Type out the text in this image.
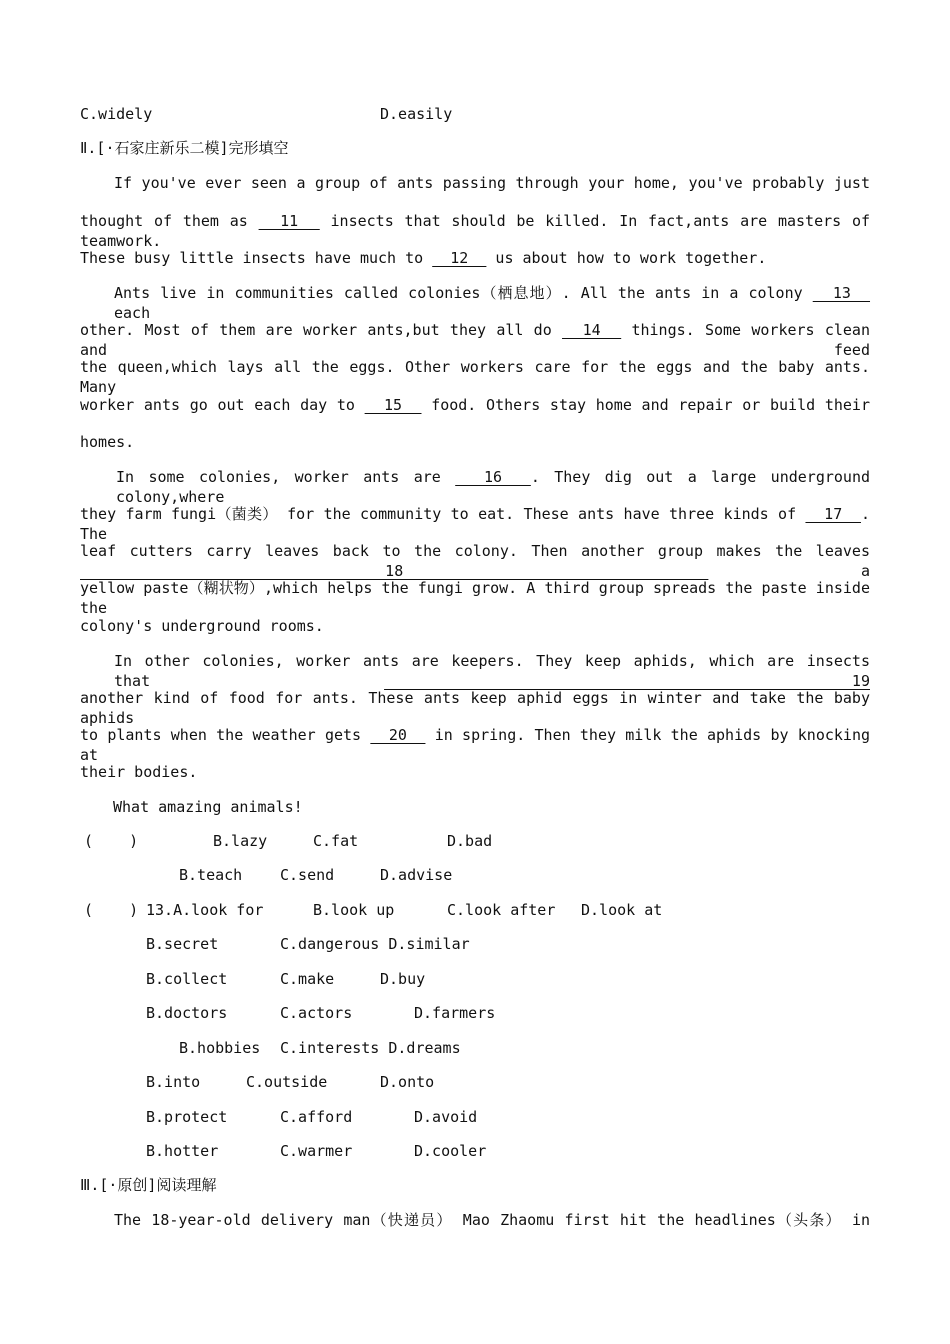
C.widely	D.easily
Ⅱ.[·石家庄新乐二模]完形填空
If you've ever seen a group of ants passing through your home, you've probably just
thought of them as   11   insects that should be killed. In fact,ants are masters of teamwork.
These busy little insects have much to   12   us about how to work together.
Ants live in communities called colonies（栖息地）. All the ants in a colony   13   each
other. Most of them are worker ants,but they all do   14   things. Some workers clean and feed
the queen,which lays all the eggs. Other workers care for the eggs and the baby ants. Many
worker ants go out each day to   15   food. Others stay home and repair or build their
homes.
In some colonies, worker ants are   16  . They dig out a large underground colony,where
they farm fungi（菌类） for the community to eat. These ants have three kinds of   17  . The
leaf cutters carry leaves back to the colony. Then another group makes the leaves   18	a
yellow paste（糊状物）,which helps the fungi grow. A third group spreads the paste inside the
colony's underground rooms.
In other colonies, worker ants are keepers. They keep aphids, which are insects that	19
another kind of food for ants. These ants keep aphid eggs in winter and take the baby aphids
to plants when the weather gets   20   in spring. Then they milk the aphids by knocking at
their bodies.
What amazing animals!
(    )	B.lazy	C.fat	D.bad
B.teach	C.send	D.advise
(    ) 13.A.look for	B.look up	C.look after D.look at
B.secret	C.dangerous D.similar
B.collect	C.make	D.buy
B.doctors	C.actors	D.farmers
B.hobbies C.interests D.dreams
B.into	C.outside	D.onto
B.protect	C.afford	D.avoid
B.hotter	C.warmer	D.cooler
Ⅲ.[·原创]阅读理解
The 18-year-old delivery man（快递员） Mao Zhaomu first hit the headlines（头条） in
